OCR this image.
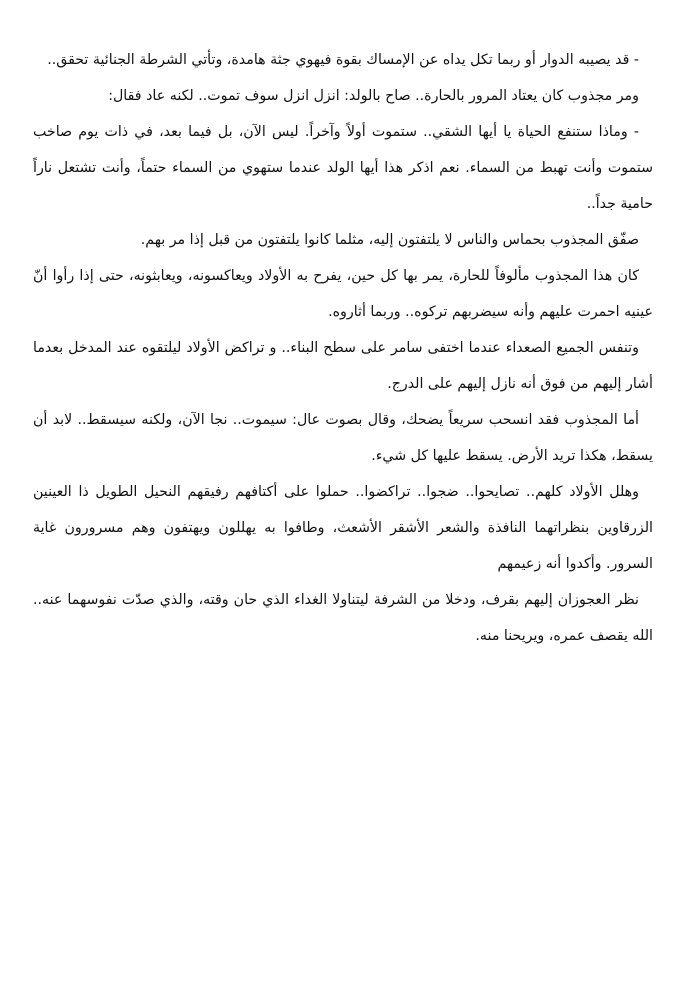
- قد يصيبه الدوار أو ربما تكل يداه عن الإمساك بقوة فيهوي جثة هامدة، وتأتي الشرطة الجنائية تحقق..

ومر مجذوب كان يعتاد المرور بالحارة.. صاح بالولد: انزل انزل سوف تموت.. لكنه عاد فقال:

- وماذا ستنفع الحياة يا أيها الشقي.. ستموت أولاً وآخراً. ليس الآن، بل فيما بعد، في ذات يوم صاخب ستموت وأنت تهبط من السماء. نعم اذكر هذا أيها الولد عندما ستهوي من السماء حتماً، وأنت تشتعل ناراً حامية جداً..

صفّق المجذوب بحماس والناس لا يلتفتون إليه، مثلما كانوا يلتفتون من قبل إذا مر بهم.

كان هذا المجذوب مألوفاً للحارة، يمر بها كل حين، يفرح به الأولاد ويعاكسونه، ويعابثونه، حتى إذا رأوا أنّ عينيه احمرت عليهم وأنه سيضربهم تركوه.. وربما أثاروه.

وتنفس الجميع الصعداء عندما اختفى سامر على سطح البناء.. و تراكض الأولاد ليلتقوه عند المدخل بعدما أشار إليهم من فوق أنه نازل إليهم على الدرج.

أما المجذوب فقد انسحب سريعاً يضحك، وقال بصوت عال: سيموت.. نجا الآن، ولكنه سيسقط.. لابد أن يسقط، هكذا تريد الأرض. يسقط عليها كل شيء.

وهلل الأولاد كلهم.. تصايحوا.. ضجوا.. تراكضوا.. حملوا على أكتافهم رفيقهم النحيل الطويل ذا العينين الزرقاوين بنظراتهما النافذة والشعر الأشقر الأشعث، وطافوا به يهللون ويهتفون وهم مسرورون غاية السرور. وأكدوا أنه زعيمهم

نظر العجوزان إليهم بقرف، ودخلا من الشرفة ليتناولا الغداء الذي حان وقته، والذي صدّت نفوسهما عنه.. الله يقصف عمره، ويريحنا منه.
